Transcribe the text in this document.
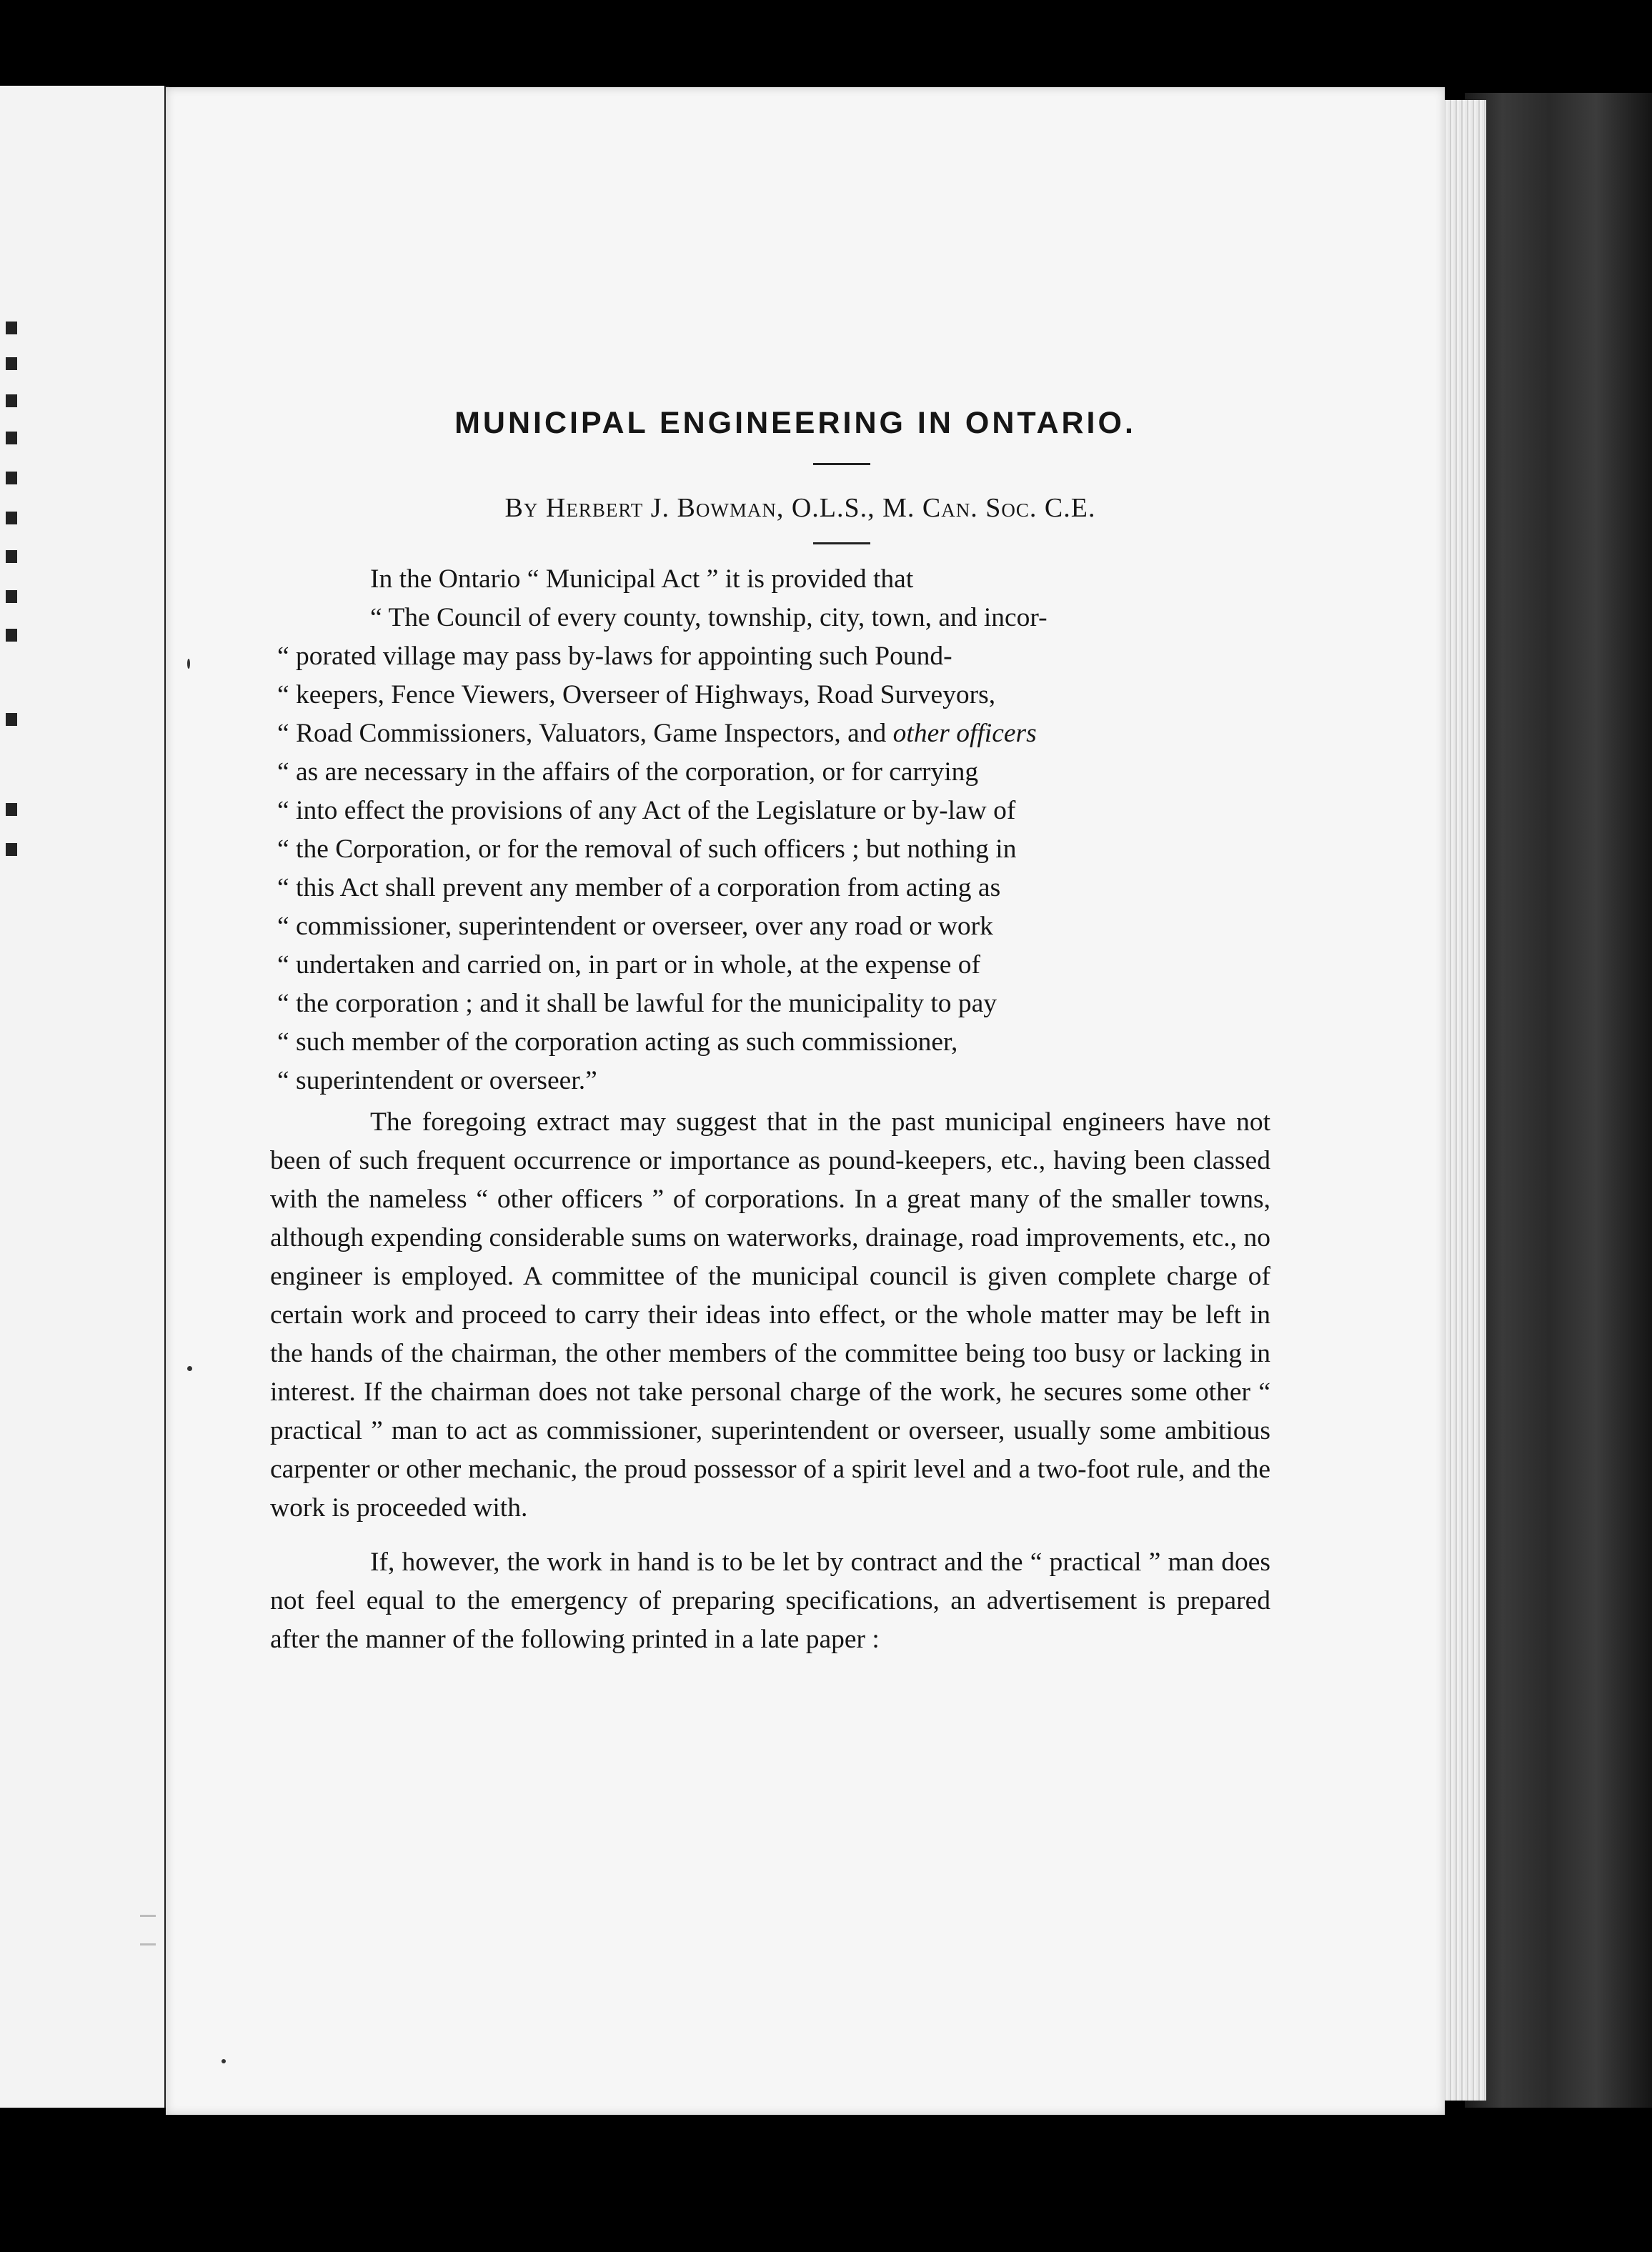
MUNICIPAL ENGINEERING IN ONTARIO.

By Herbert J. Bowman, O.L.S., M. Can. Soc. C.E.

In the Ontario “ Municipal Act ” it is provided that

“ The Council of every county, township, city, town, and incor-

“ porated village may pass by-laws for appointing such Pound-

“ keepers, Fence Viewers, Overseer of Highways, Road Surveyors,

“ Road Commissioners, Valuators, Game Inspectors, and other officers

“ as are necessary in the affairs of the corporation, or for carrying

“ into effect the provisions of any Act of the Legislature or by-law of

“ the Corporation, or for the removal of such officers ; but nothing in

“ this Act shall prevent any member of a corporation from acting as

“ commissioner, superintendent or overseer, over any road or work

“ undertaken and carried on, in part or in whole, at the expense of

“ the corporation ; and it shall be lawful for the municipality to pay

“ such member of the corporation acting as such commissioner,

“ superintendent or overseer.”

The foregoing extract may suggest that in the past municipal engineers have not been of such frequent occurrence or importance as pound-keepers, etc., having been classed with the nameless “ other officers ” of corporations. In a great many of the smaller towns, although expending considerable sums on waterworks, drainage, road improvements, etc., no engineer is employed. A committee of the municipal council is given complete charge of certain work and proceed to carry their ideas into effect, or the whole matter may be left in the hands of the chairman, the other members of the committee being too busy or lacking in interest. If the chairman does not take personal charge of the work, he secures some other “ practical ” man to act as commissioner, superintendent or overseer, usually some ambitious carpenter or other mechanic, the proud possessor of a spirit level and a two-foot rule, and the work is proceeded with.

If, however, the work in hand is to be let by contract and the “ practical ” man does not feel equal to the emergency of preparing specifications, an advertisement is prepared after the manner of the following printed in a late paper :
